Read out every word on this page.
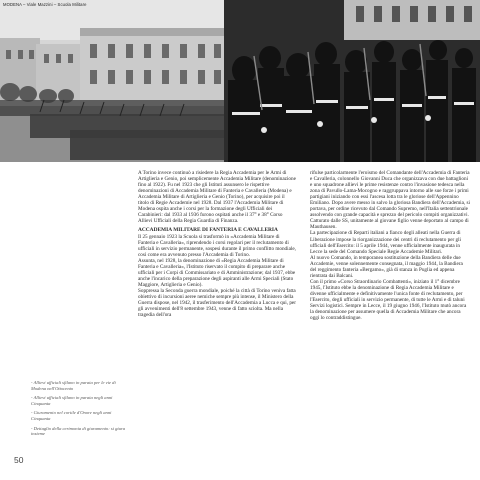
MODENA – Viale Mazzini – Scuola Militare

- Allievi ufficiali sfilano in parata per le vie di Modena nell'Ottocento

- Allievi ufficiali sfilano in parata negli anni Cinquanta

- Giuramento nel cortile d'Onore negli anni Cinquanta

- Dettaglio della cerimonia di giuramento: si giura insieme

50

A Torino invece continuò a risiedere la Regia Accademia per le Armi di Artiglieria e Genio, poi semplicemente Accademia Militare (denominazione fino al 1922). Fu nel 1923 che gli Istituti assunsero le rispettive denominazioni di Accademia Militare di Fanteria e Cavalleria (Modena) e Accademia Militare di Artiglieria e Genio (Torino), per acquisire poi il titolo di Regie Accademie nel 1928. Dal 1937 l'Accademia Militare di Modena ospita anche i corsi per la formazione degli Ufficiali dei Carabinieri: dal 1933 al 1936 furono ospitati anche il 37° e 38° Corso Allievi Ufficiali della Regia Guardia di Finanza.

ACCADEMIA MILITARE DI FANTERIA E CAVALLERIA

Il 25 gennaio 1923 la Scuola si trasformò in «Accademia Militare di Fanteria e Cavalleria», riprendendo i corsi regolari per il reclutamento di ufficiali in servizio permanente, sospesi durante il primo conflitto mondiale, così come era avvenuto presso l'Accademia di Torino.

Assunta, nel 1928, la denominazione di «Regia Accademia Militare di Fanteria e Cavalleria», l'Istituto riservato il compito di preparare anche ufficiali per i Corpi di Commissariato e di Amministrazione; dal 1937, ebbe anche l'incarico della preparazione degli aspiranti alle Armi Speciali (Stato Maggiore, Artiglieria e Genio).

Soppressa la Seconda guerra mondiale, poiché la città di Torino veniva fatta obiettivo di incursioni aeree nemiche sempre più intense, il Ministero della Guerra dispose, nel 1942, il trasferimento dell'Accademia a Lucca e qui, per gli avvenimenti dell'8 settembre 1943, venne di fatto sciolta. Ma nella tragedia dell'ora

rifulse particolarmente l'eroismo del Comandante dell'Accademia di Fanteria e Cavalleria, colonnello Giovanni Duca che organizzava con due battaglioni e uno squadrone allievi le prime resistenze contro l'invasione tedesca nella zona di Pavullo-Lama-Mocogno e raggruppava intorno alle sue forze i primi partigiani iniziando con essi l'ascesa lotta tra le gloriose dell'Appennino Emiliano. Dopo avere messo in salvo la gloriosa Bandiera dell'Accademia, si portava, per ordine ricevuto dal Comando Supremo, nell'Italia settentrionale assolvendo con grande capacità e sprezzo del pericolo compiti organizzativi. Catturato dalle SS, unitamente al giovane figlio venne deportato al campo di Mauthausen.

La partecipazione di Reparti italiani a fianco degli alleati nella Guerra di Liberazione impose la riorganizzazione dei centri di reclutamento per gli ufficiali dell'Esercito: il 5 aprile 1944, venne ufficialmente inaugurata in Lecce la sede del Comando Speciale Regie Accademie Militari.

Al nuovo Comando, in temporanea sostituzione della Bandiera delle due Accademie, venne solennemente consegnata, il maggio 1944, la Bandiera del reggimento fanteria «Bergamo», già di stanza in Puglia ed appena rientrata dai Balcani.

Con il primo «Corso Straordinario Combattenti», iniziato il 1° dicembre 1945, l'Istituto ebbe la denominazione di Regia Accademia Militare e divenne ufficialmente e definitivamente l'unica fonte di reclutamento, per l'Esercito, degli ufficiali in servizio permanente, di tutte le Armi e di taluni Servizi logistici. Sempre in Lecce, il 19 giugno 1946, l'Istituto mutò ancora la denominazione per assumere quella di Accademia Militare che ancora oggi lo contraddistingue.
